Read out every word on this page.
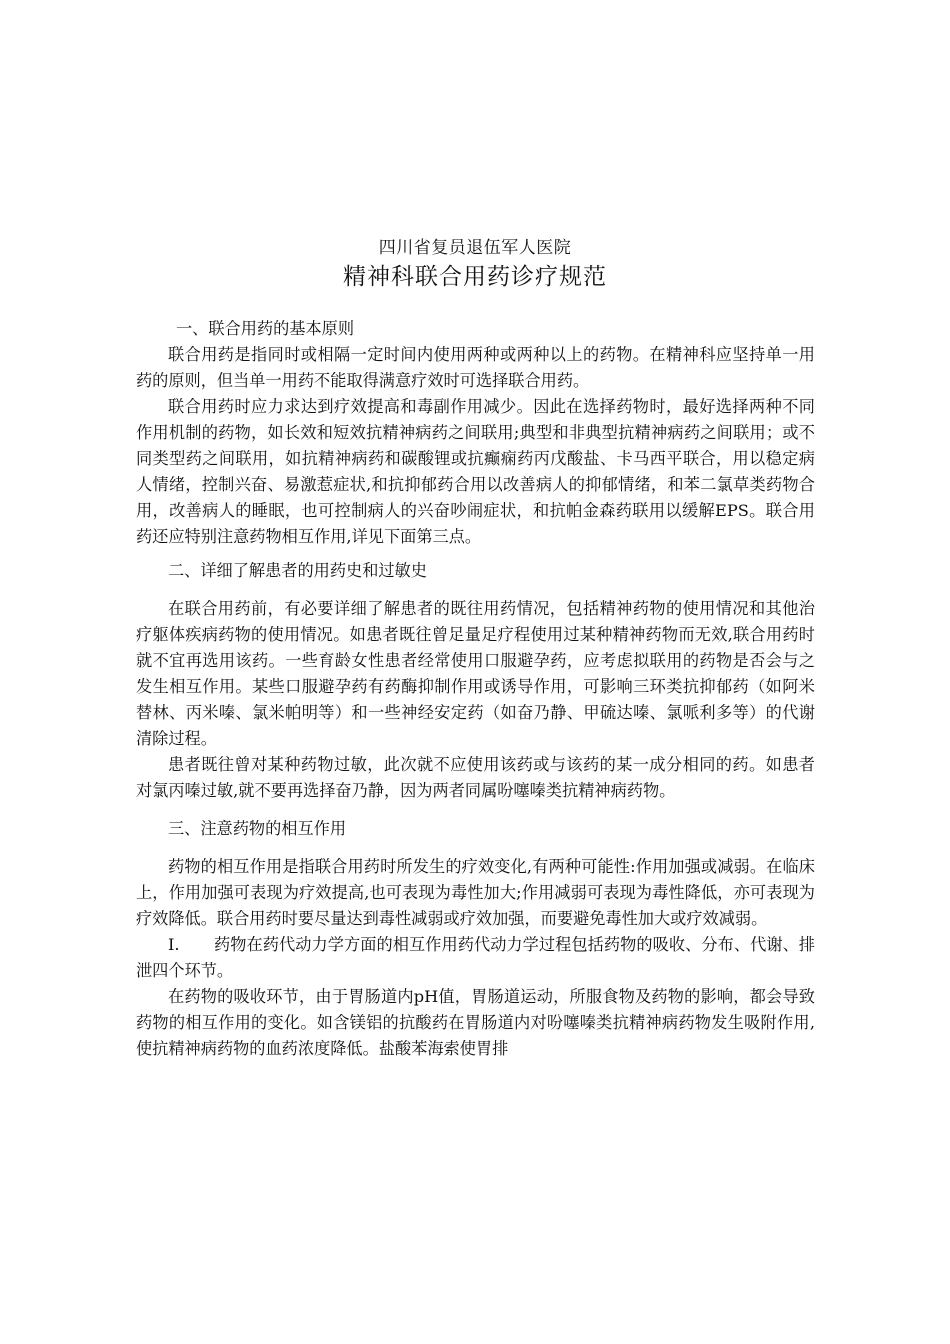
四川省复员退伍军人医院
精神科联合用药诊疗规范

一、联合用药的基本原则

联合用药是指同时或相隔一定时间内使用两种或两种以上的药物。在精神科应坚持单一用药的原则，但当单一用药不能取得满意疗效时可选择联合用药。

联合用药时应力求达到疗效提高和毒副作用减少。因此在选择药物时，最好选择两种不同作用机制的药物，如长效和短效抗精神病药之间联用;典型和非典型抗精神病药之间联用；或不同类型药之间联用，如抗精神病药和碳酸锂或抗癫痫药丙戊酸盐、卡马西平联合，用以稳定病人情绪，控制兴奋、易激惹症状,和抗抑郁药合用以改善病人的抑郁情绪，和苯二氯草类药物合用，改善病人的睡眠，也可控制病人的兴奋吵闹症状，和抗帕金森药联用以缓解EPS。联合用药还应特别注意药物相互作用,详见下面第三点。

二、详细了解患者的用药史和过敏史

在联合用药前，有必要详细了解患者的既往用药情况，包括精神药物的使用情况和其他治疗躯体疾病药物的使用情况。如患者既往曾足量足疗程使用过某种精神药物而无效,联合用药时就不宜再选用该药。一些育龄女性患者经常使用口服避孕药，应考虑拟联用的药物是否会与之发生相互作用。某些口服避孕药有药酶抑制作用或诱导作用，可影响三环类抗抑郁药（如阿米替林、丙米嗪、氯米帕明等）和一些神经安定药（如奋乃静、甲硫达嗪、氯哌利多等）的代谢清除过程。

患者既往曾对某种药物过敏，此次就不应使用该药或与该药的某一成分相同的药。如患者对氯丙嗪过敏,就不要再选择奋乃静，因为两者同属吩噻嗪类抗精神病药物。

三、注意药物的相互作用

药物的相互作用是指联合用药时所发生的疗效变化,有两种可能性:作用加强或减弱。在临床上，作用加强可表现为疗效提高,也可表现为毒性加大;作用减弱可表现为毒性降低，亦可表现为疗效降低。联合用药时要尽量达到毒性减弱或疗效加强，而要避免毒性加大或疗效减弱。

I. 药物在药代动力学方面的相互作用药代动力学过程包括药物的吸收、分布、代谢、排泄四个环节。

在药物的吸收环节，由于胃肠道内pH值，胃肠道运动，所服食物及药物的影响，都会导致药物的相互作用的变化。如含镁铝的抗酸药在胃肠道内对吩噻嗪类抗精神病药物发生吸附作用,使抗精神病药物的血药浓度降低。盐酸苯海索使胃排
